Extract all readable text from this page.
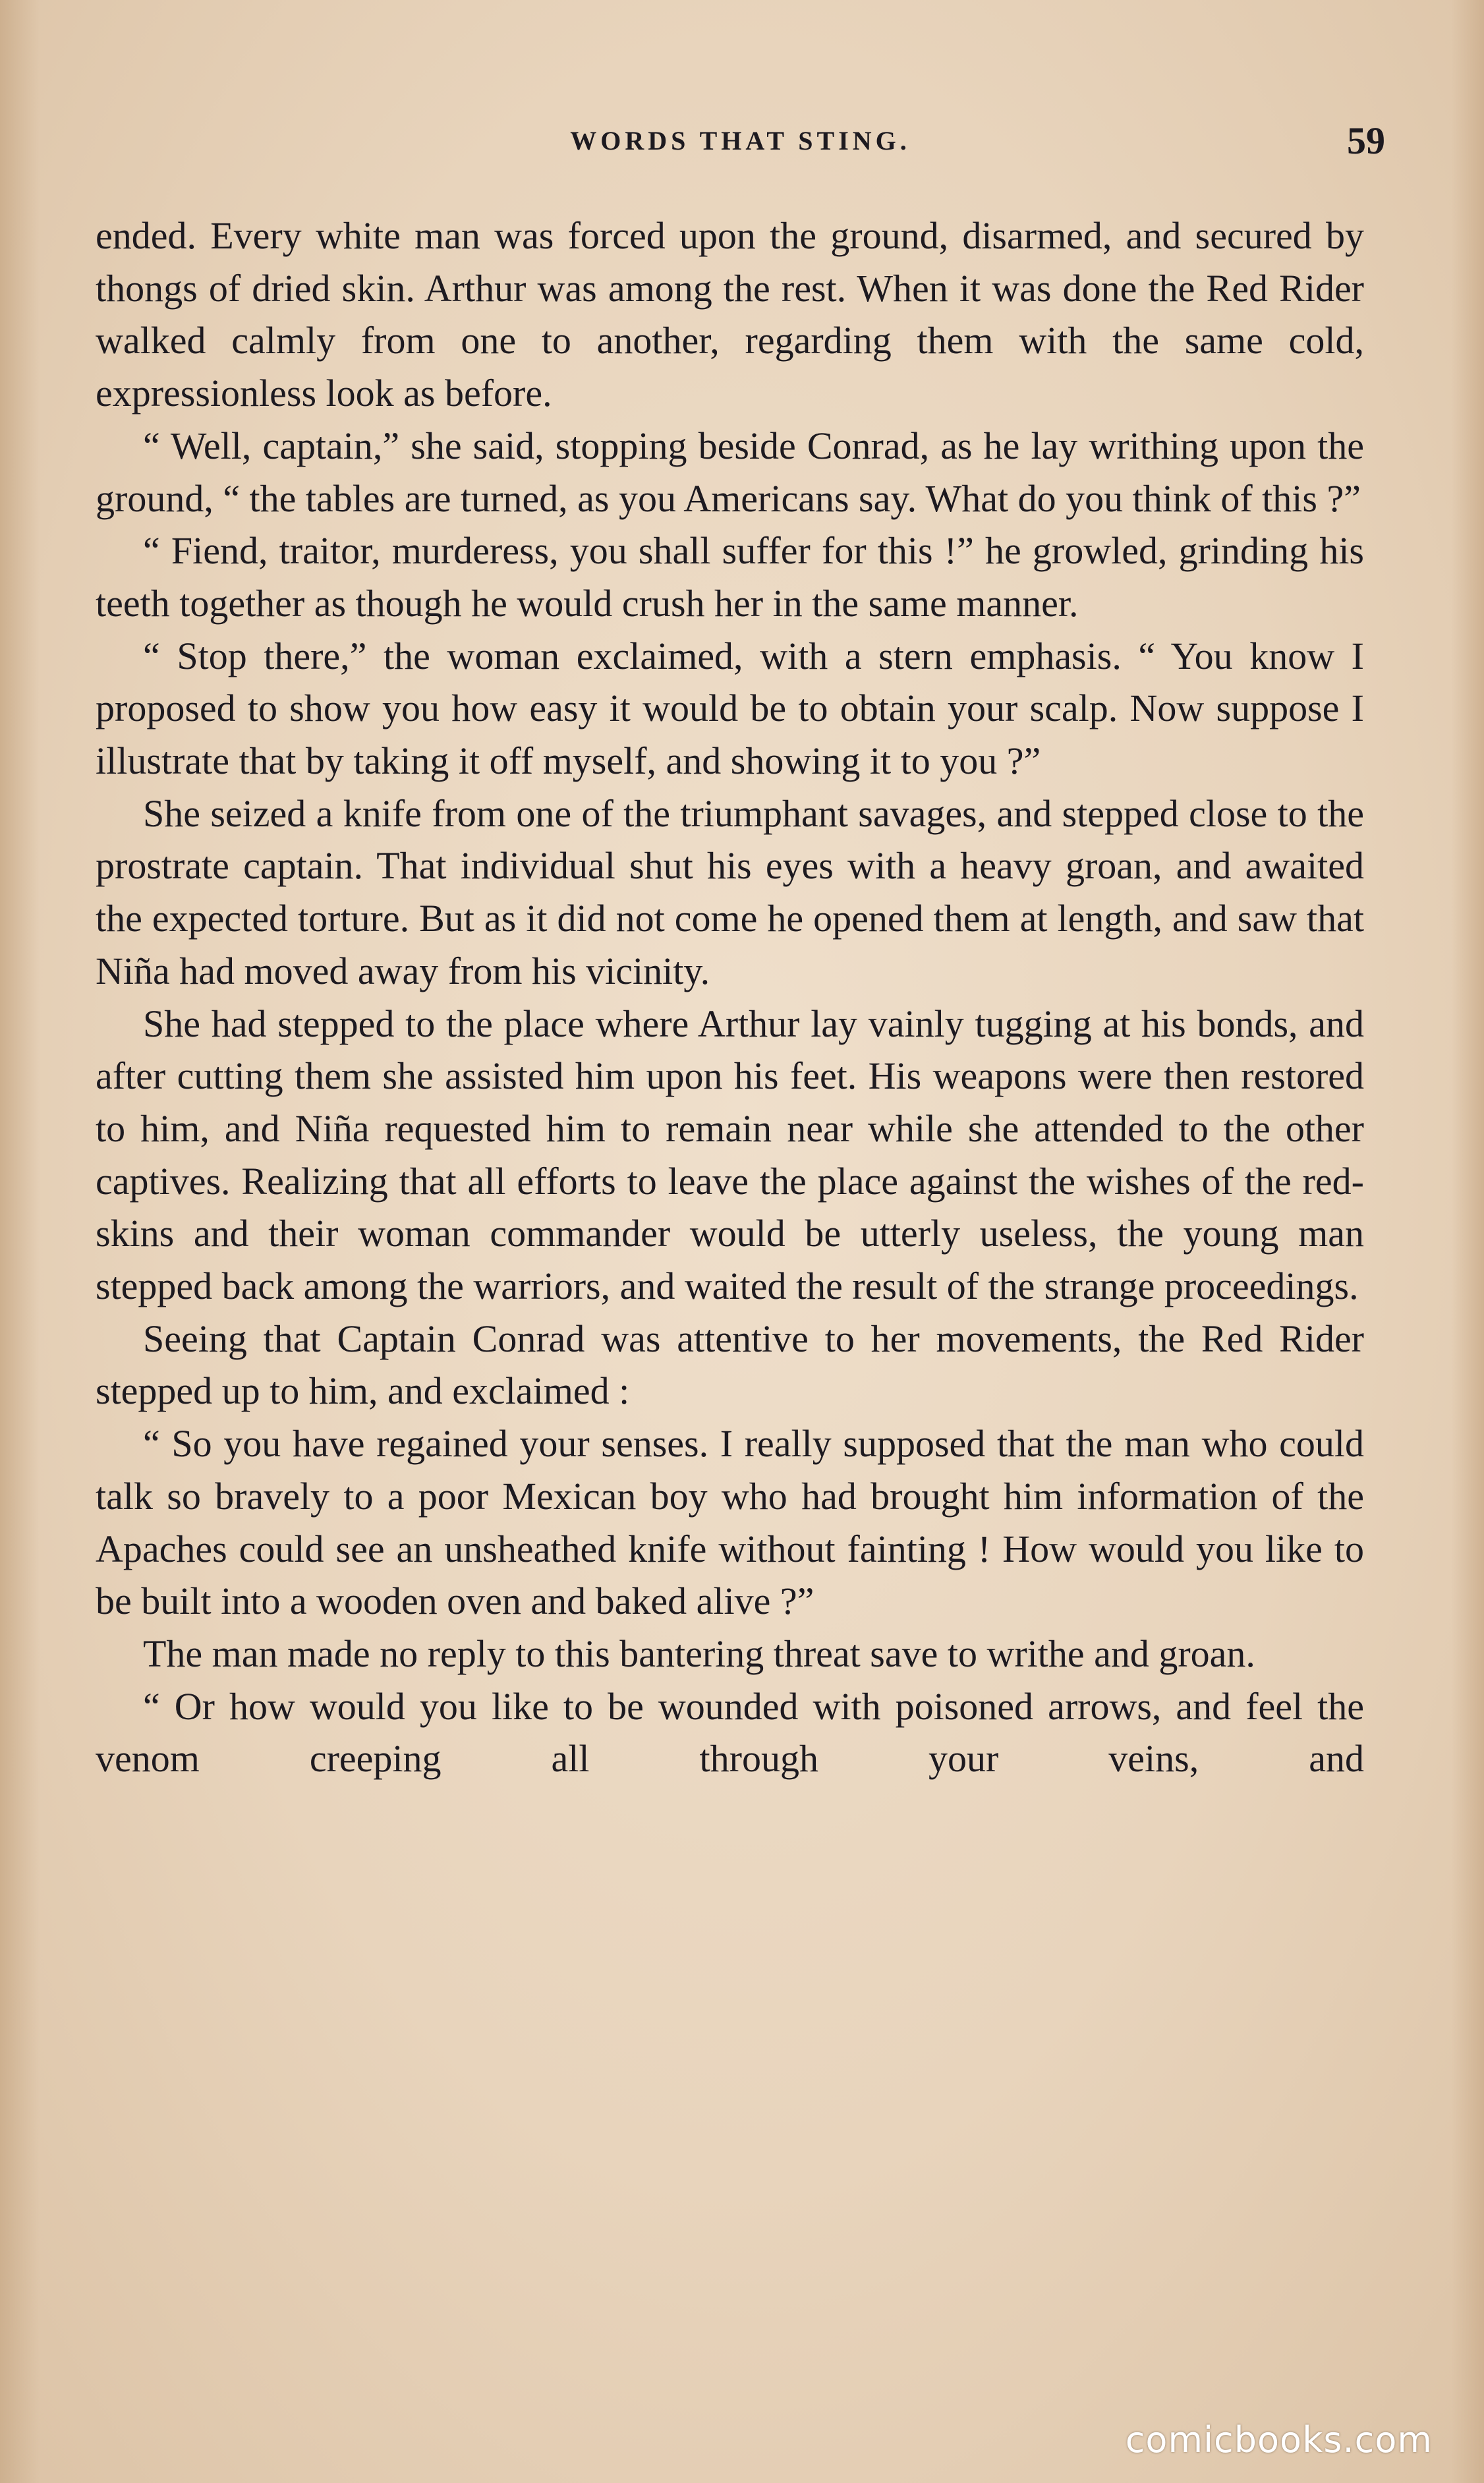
WORDS THAT STING.	59

ended. Every white man was forced upon the ground, disarmed, and secured by thongs of dried skin. Arthur was among the rest. When it was done the Red Rider walked calmly from one to another, regarding them with the same cold, expressionless look as before.

“ Well, captain,” she said, stopping beside Conrad, as he lay writhing upon the ground, “ the tables are turned, as you Americans say. What do you think of this ?”

“ Fiend, traitor, murderess, you shall suffer for this !” he growled, grinding his teeth together as though he would crush her in the same manner.

“ Stop there,” the woman exclaimed, with a stern emphasis. “ You know I proposed to show you how easy it would be to obtain your scalp. Now suppose I illustrate that by taking it off myself, and showing it to you ?”

She seized a knife from one of the triumphant savages, and stepped close to the prostrate captain. That individual shut his eyes with a heavy groan, and awaited the expected torture. But as it did not come he opened them at length, and saw that Niña had moved away from his vicinity.

She had stepped to the place where Arthur lay vainly tugging at his bonds, and after cutting them she assisted him upon his feet. His weapons were then restored to him, and Niña requested him to remain near while she attended to the other captives. Realizing that all efforts to leave the place against the wishes of the red-skins and their woman commander would be utterly useless, the young man stepped back among the warriors, and waited the result of the strange proceedings.

Seeing that Captain Conrad was attentive to her movements, the Red Rider stepped up to him, and exclaimed :

“ So you have regained your senses. I really supposed that the man who could talk so bravely to a poor Mexican boy who had brought him information of the Apaches could see an unsheathed knife without fainting ! How would you like to be built into a wooden oven and baked alive ?”

The man made no reply to this bantering threat save to writhe and groan.

“ Or how would you like to be wounded with poisoned arrows, and feel the venom creeping all through your veins, and

comicbooks.com
